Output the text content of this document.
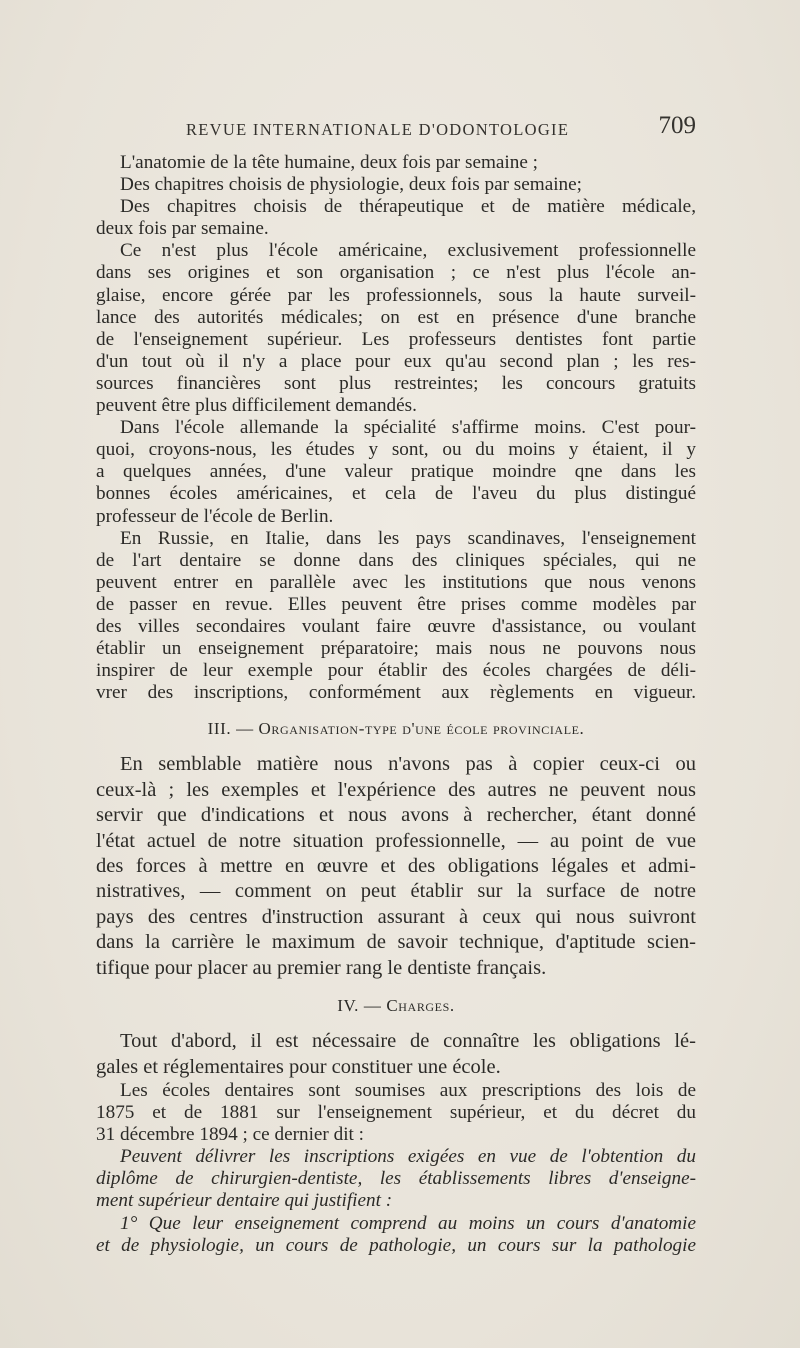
REVUE INTERNATIONALE D'ODONTOLOGIE	709

L'anatomie de la tête humaine, deux fois par semaine ;
Des chapitres choisis de physiologie, deux fois par semaine;
Des chapitres choisis de thérapeutique et de matière médicale,
deux fois par semaine.

Ce n'est plus l'école américaine, exclusivement professionnelle
dans ses origines et son organisation ; ce n'est plus l'école an-
glaise, encore gérée par les professionnels, sous la haute surveil-
lance des autorités médicales; on est en présence d'une branche
de l'enseignement supérieur. Les professeurs dentistes font partie
d'un tout où il n'y a place pour eux qu'au second plan ; les res-
sources financières sont plus restreintes; les concours gratuits
peuvent être plus difficilement demandés.

Dans l'école allemande la spécialité s'affirme moins. C'est pour-
quoi, croyons-nous, les études y sont, ou du moins y étaient, il y
a quelques années, d'une valeur pratique moindre qne dans les
bonnes écoles américaines, et cela de l'aveu du plus distingué
professeur de l'école de Berlin.

En Russie, en Italie, dans les pays scandinaves, l'enseignement
de l'art dentaire se donne dans des cliniques spéciales, qui ne
peuvent entrer en parallèle avec les institutions que nous venons
de passer en revue. Elles peuvent être prises comme modèles par
des villes secondaires voulant faire œuvre d'assistance, ou voulant
établir un enseignement préparatoire; mais nous ne pouvons nous
inspirer de leur exemple pour établir des écoles chargées de déli-
vrer des inscriptions, conformément aux règlements en vigueur.

III. — Organisation-type d'une école provinciale.

En semblable matière nous n'avons pas à copier ceux-ci ou
ceux-là ; les exemples et l'expérience des autres ne peuvent nous
servir que d'indications et nous avons à rechercher, étant donné
l'état actuel de notre situation professionnelle, — au point de vue
des forces à mettre en œuvre et des obligations légales et admi-
nistratives, — comment on peut établir sur la surface de notre
pays des centres d'instruction assurant à ceux qui nous suivront
dans la carrière le maximum de savoir technique, d'aptitude scien-
tifique pour placer au premier rang le dentiste français.

IV. — Charges.

Tout d'abord, il est nécessaire de connaître les obligations lé-
gales et réglementaires pour constituer une école.

Les écoles dentaires sont soumises aux prescriptions des lois de
1875 et de 1881 sur l'enseignement supérieur, et du décret du
31 décembre 1894 ; ce dernier dit :

Peuvent délivrer les inscriptions exigées en vue de l'obtention du
diplôme de chirurgien-dentiste, les établissements libres d'enseigne-
ment supérieur dentaire qui justifient :

1° Que leur enseignement comprend au moins un cours d'anatomie
et de physiologie, un cours de pathologie, un cours sur la pathologie
